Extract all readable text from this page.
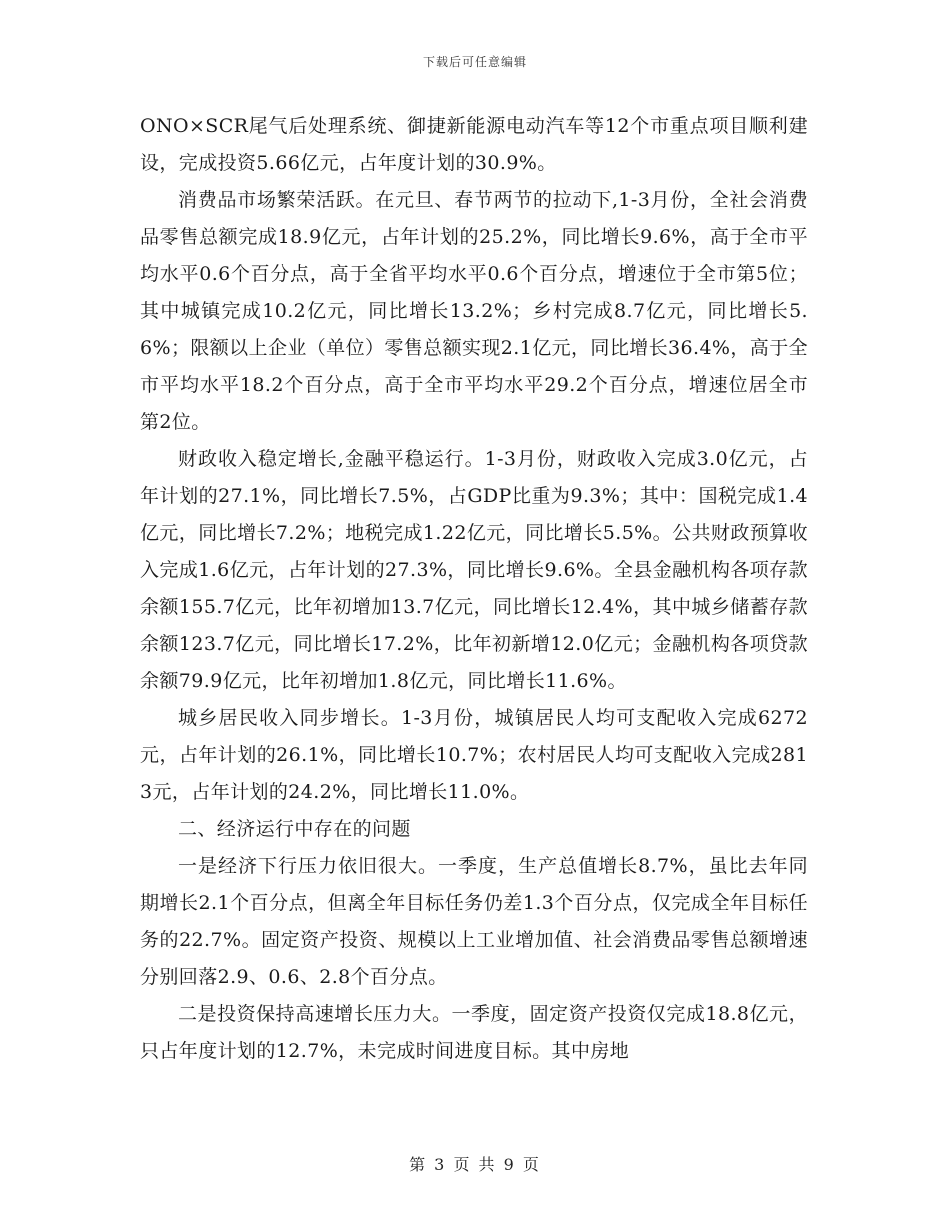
下载后可任意编辑

ONO×SCR尾气后处理系统、御捷新能源电动汽车等12个市重点项目顺利建设，完成投资5.66亿元，占年度计划的30.9%。

消费品市场繁荣活跃。在元旦、春节两节的拉动下,1-3月份，全社会消费品零售总额完成18.9亿元，占年计划的25.2%，同比增长9.6%，高于全市平均水平0.6个百分点，高于全省平均水平0.6个百分点，增速位于全市第5位；其中城镇完成10.2亿元，同比增长13.2%；乡村完成8.7亿元，同比增长5.6%；限额以上企业（单位）零售总额实现2.1亿元，同比增长36.4%，高于全市平均水平18.2个百分点，高于全市平均水平29.2个百分点，增速位居全市第2位。

财政收入稳定增长,金融平稳运行。1-3月份，财政收入完成3.0亿元，占年计划的27.1%，同比增长7.5%，占GDP比重为9.3%；其中：国税完成1.4亿元，同比增长7.2%；地税完成1.22亿元，同比增长5.5%。公共财政预算收入完成1.6亿元，占年计划的27.3%，同比增长9.6%。全县金融机构各项存款余额155.7亿元，比年初增加13.7亿元，同比增长12.4%，其中城乡储蓄存款余额123.7亿元，同比增长17.2%，比年初新增12.0亿元；金融机构各项贷款余额79.9亿元，比年初增加1.8亿元，同比增长11.6%。

城乡居民收入同步增长。1-3月份，城镇居民人均可支配收入完成6272元，占年计划的26.1%，同比增长10.7%；农村居民人均可支配收入完成2813元，占年计划的24.2%，同比增长11.0%。

二、经济运行中存在的问题

一是经济下行压力依旧很大。一季度，生产总值增长8.7%，虽比去年同期增长2.1个百分点，但离全年目标任务仍差1.3个百分点，仅完成全年目标任务的22.7%。固定资产投资、规模以上工业增加值、社会消费品零售总额增速分别回落2.9、0.6、2.8个百分点。

二是投资保持高速增长压力大。一季度，固定资产投资仅完成18.8亿元，只占年度计划的12.7%，未完成时间进度目标。其中房地

第 3 页 共 9 页
